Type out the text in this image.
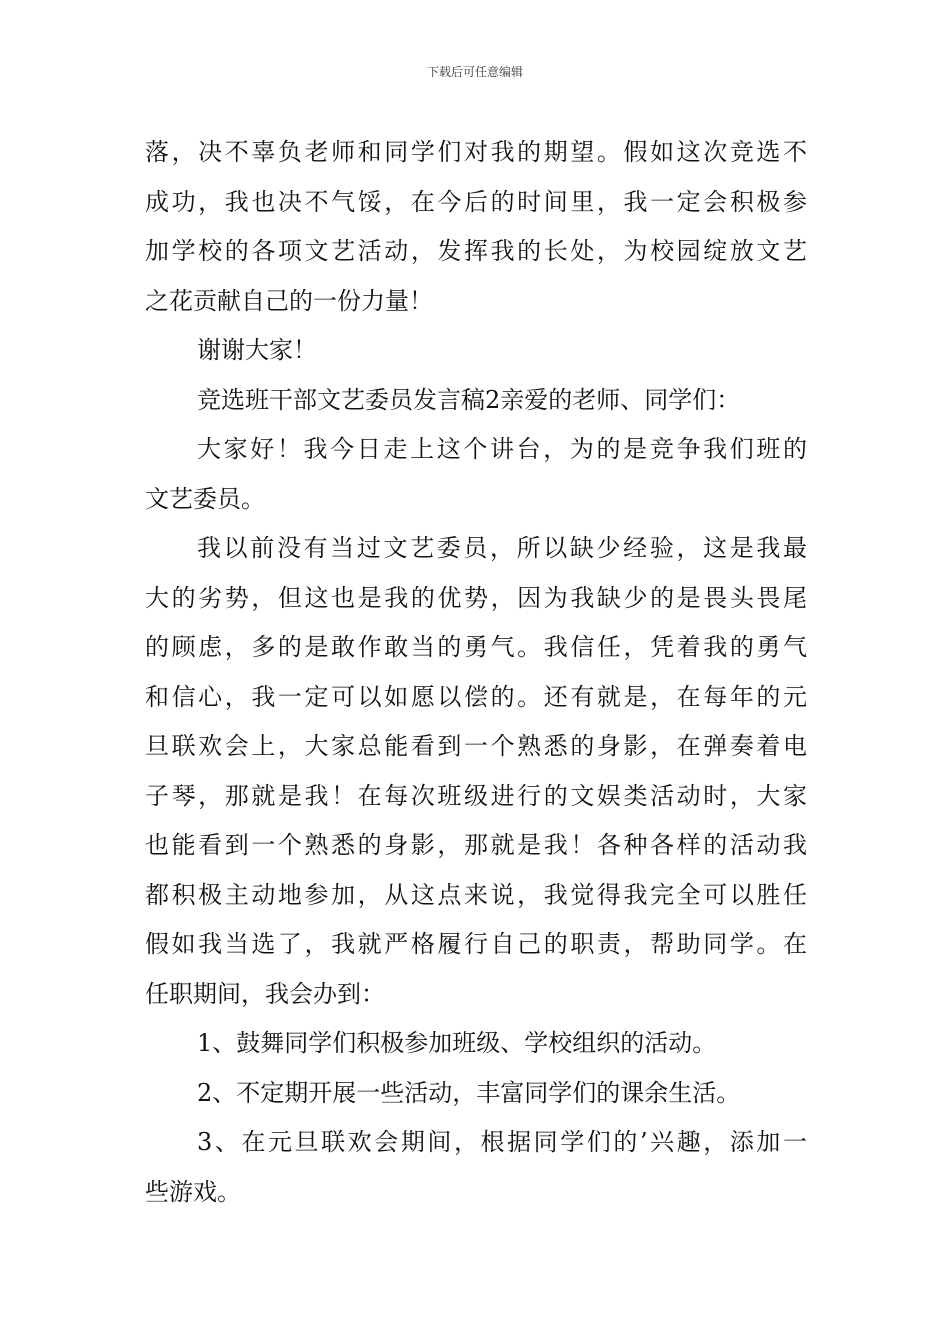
下载后可任意编辑
落，决不辜负老师和同学们对我的期望。假如这次竞选不
成功，我也决不气馁，在今后的时间里，我一定会积极参
加学校的各项文艺活动，发挥我的长处，为校园绽放文艺
之花贡献自己的一份力量！
谢谢大家！
竞选班干部文艺委员发言稿2亲爱的老师、同学们：
大家好！我今日走上这个讲台，为的是竞争我们班的
文艺委员。
我以前没有当过文艺委员，所以缺少经验，这是我最
大的劣势，但这也是我的优势，因为我缺少的是畏头畏尾
的顾虑，多的是敢作敢当的勇气。我信任，凭着我的勇气
和信心，我一定可以如愿以偿的。还有就是，在每年的元
旦联欢会上，大家总能看到一个熟悉的身影，在弹奏着电
子琴，那就是我！在每次班级进行的文娱类活动时，大家
也能看到一个熟悉的身影，那就是我！各种各样的活动我
都积极主动地参加，从这点来说，我觉得我完全可以胜任
假如我当选了，我就严格履行自己的职责，帮助同学。在
任职期间，我会办到：
1、鼓舞同学们积极参加班级、学校组织的活动。
2、不定期开展一些活动，丰富同学们的课余生活。
3、在元旦联欢会期间，根据同学们的’兴趣，添加一
些游戏。
